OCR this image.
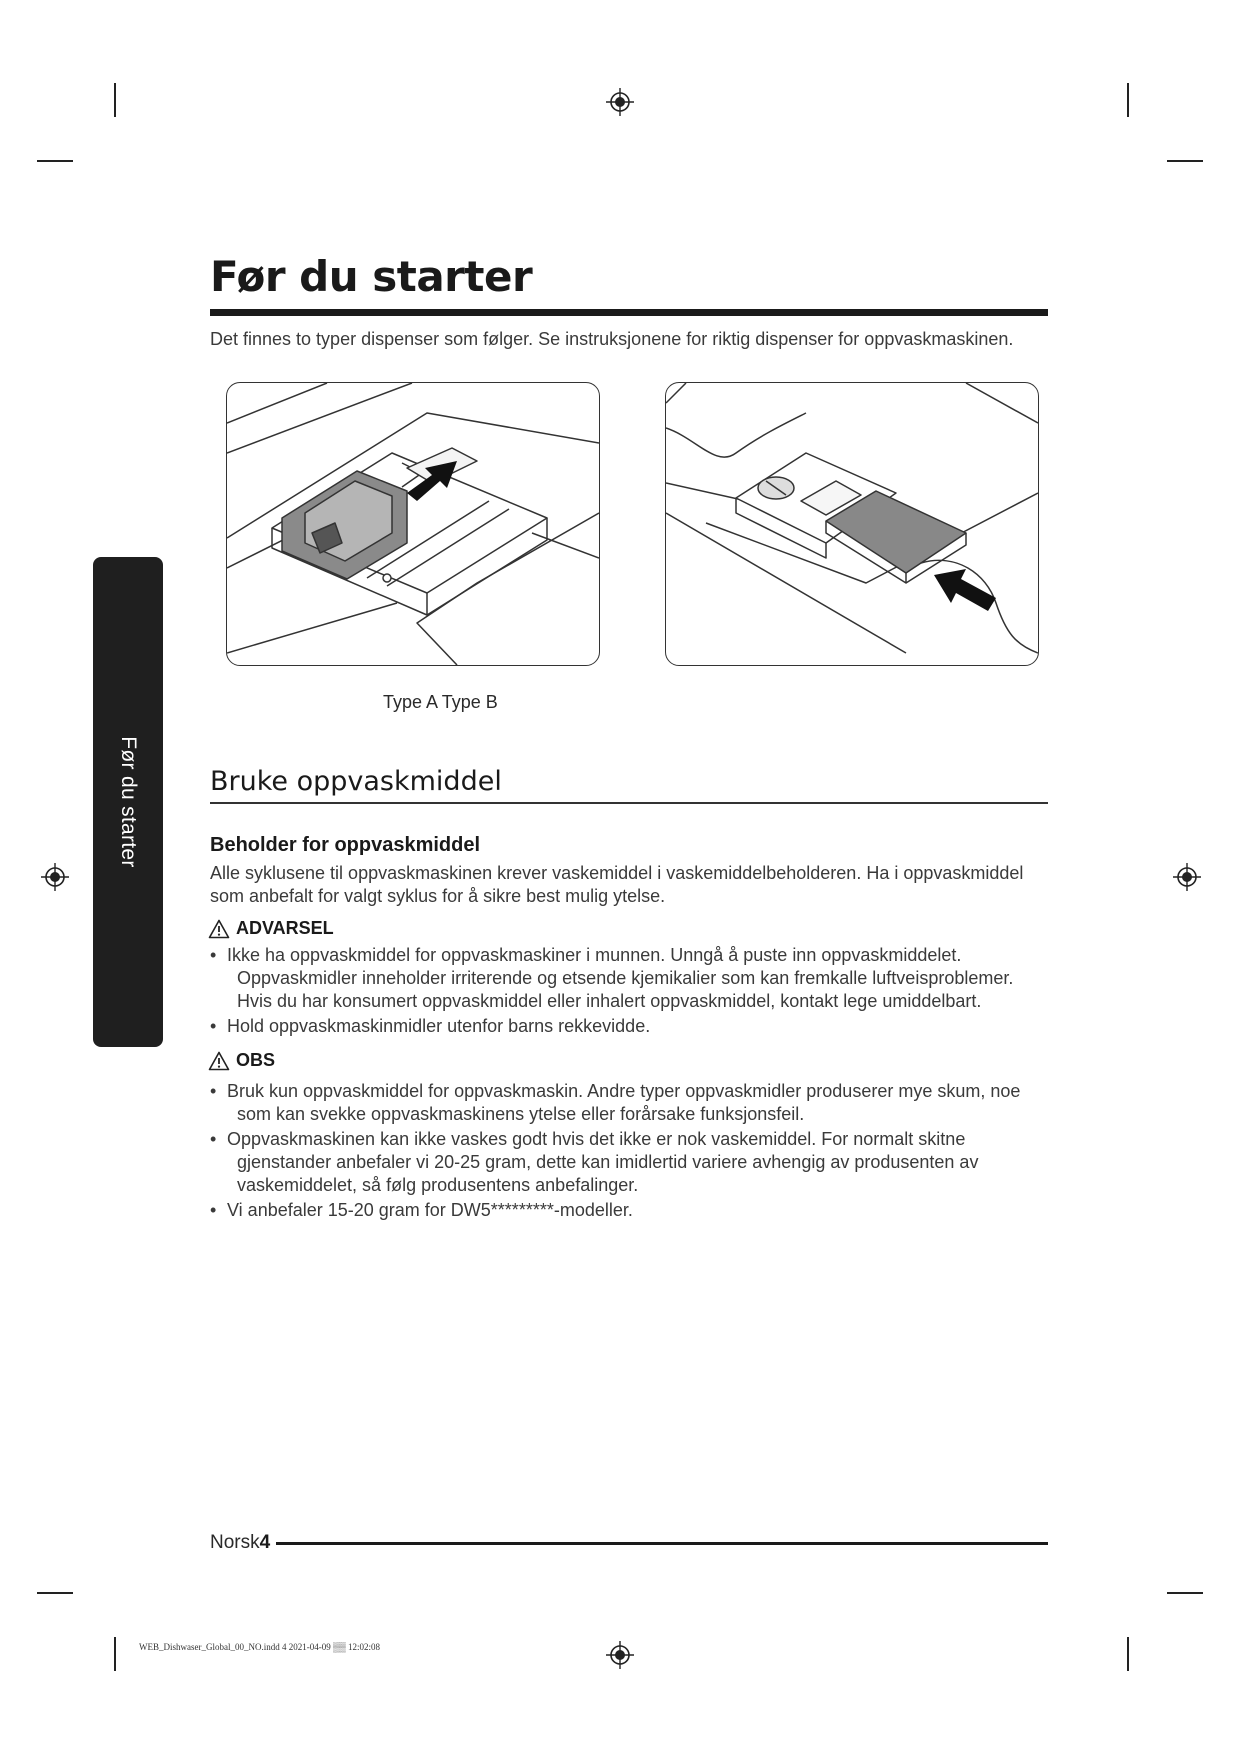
Før du starter
Før du starter
Det finnes to typer dispenser som følger. Se instruksjonene for riktig dispenser for oppvaskmaskinen.
Type A Type B
Bruke oppvaskmiddel
Beholder for oppvaskmiddel
Alle syklusene til oppvaskmaskinen krever vaskemiddel i vaskemiddelbeholderen. Ha i oppvaskmiddel som anbefalt for valgt syklus for å sikre best mulig ytelse.
ADVARSEL
• Ikke ha oppvaskmiddel for oppvaskmaskiner i munnen. Unngå å puste inn oppvaskmiddelet.
Oppvaskmidler inneholder irriterende og etsende kjemikalier som kan fremkalle luftveisproblemer. Hvis du har konsumert oppvaskmiddel eller inhalert oppvaskmiddel, kontakt lege umiddelbart.
• Hold oppvaskmaskinmidler utenfor barns rekkevidde.
OBS
• Bruk kun oppvaskmiddel for oppvaskmaskin. Andre typer oppvaskmidler produserer mye skum, noe
som kan svekke oppvaskmaskinens ytelse eller forårsake funksjonsfeil.
• Oppvaskmaskinen kan ikke vaskes godt hvis det ikke er nok vaskemiddel. For normalt skitne
gjenstander anbefaler vi 20-25 gram, dette kan imidlertid variere avhengig av produsenten av vaskemiddelet, så følg produsentens anbefalinger.
• Vi anbefaler 15-20 gram for DW5*********-modeller.
Norsk4
WEB_Dishwaser_Global_00_NO.indd 4 2021-04-09 ▒▒ 12:02:08
